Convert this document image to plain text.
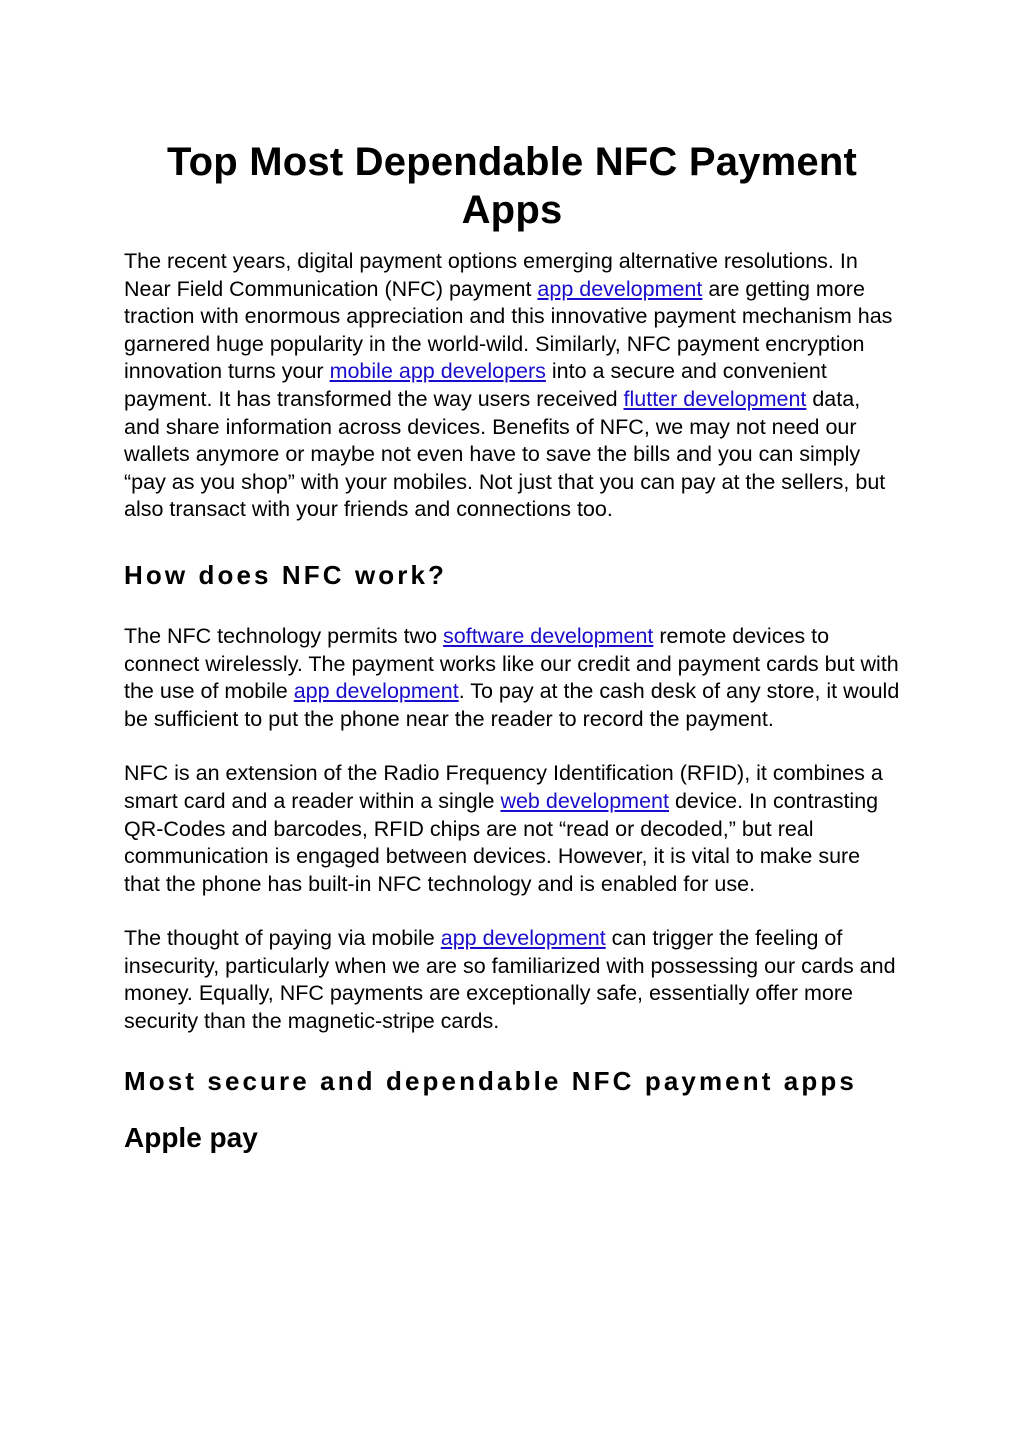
Top Most Dependable NFC Payment Apps

The recent years, digital payment options emerging alternative resolutions. In Near Field Communication (NFC) payment app development are getting more traction with enormous appreciation and this innovative payment mechanism has garnered huge popularity in the world-wild. Similarly, NFC payment encryption innovation turns your mobile app developers into a secure and convenient payment. It has transformed the way users received flutter development data, and share information across devices. Benefits of NFC, we may not need our wallets anymore or maybe not even have to save the bills and you can simply “pay as you shop” with your mobiles. Not just that you can pay at the sellers, but also transact with your friends and connections too.

How does NFC work?

The NFC technology permits two software development remote devices to connect wirelessly. The payment works like our credit and payment cards but with the use of mobile app development. To pay at the cash desk of any store, it would be sufficient to put the phone near the reader to record the payment.

NFC is an extension of the Radio Frequency Identification (RFID), it combines a smart card and a reader within a single web development device. In contrasting QR-Codes and barcodes, RFID chips are not “read or decoded,” but real communication is engaged between devices. However, it is vital to make sure that the phone has built-in NFC technology and is enabled for use.

The thought of paying via mobile app development can trigger the feeling of insecurity, particularly when we are so familiarized with possessing our cards and money. Equally, NFC payments are exceptionally safe, essentially offer more security than the magnetic-stripe cards.

Most secure and dependable NFC payment apps
Apple pay
